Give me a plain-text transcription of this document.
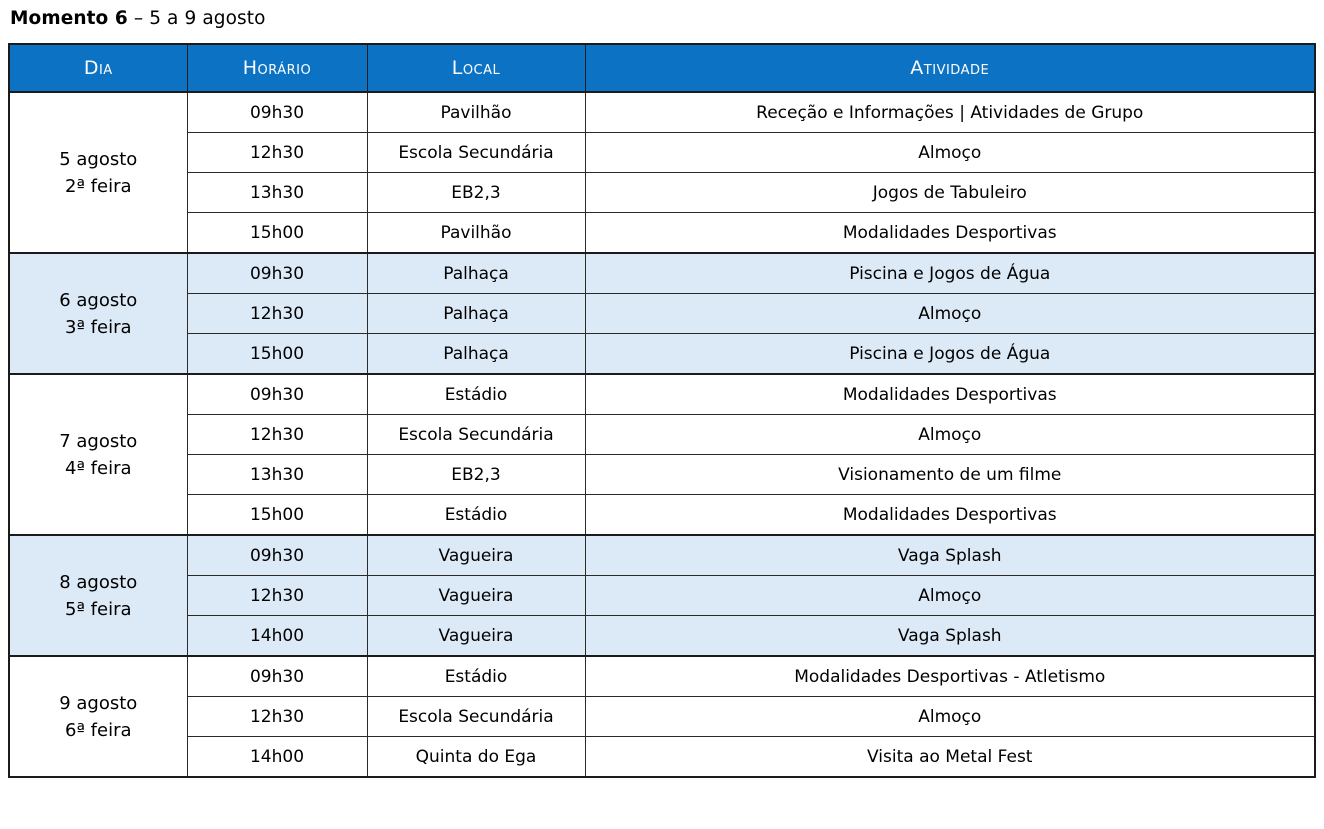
Momento 6 – 5 a 9 agosto
Dia	Horário	Local	Atividade

5 agosto
2ª feira	09h30	Pavilhão	Receção e Informações | Atividades de Grupo
	12h30	Escola Secundária	Almoço
	13h30	EB2,3	Jogos de Tabuleiro
	15h00	Pavilhão	Modalidades Desportivas

6 agosto
3ª feira	09h30	Palhaça	Piscina e Jogos de Água
	12h30	Palhaça	Almoço
	15h00	Palhaça	Piscina e Jogos de Água

7 agosto
4ª feira	09h30	Estádio	Modalidades Desportivas
	12h30	Escola Secundária	Almoço
	13h30	EB2,3	Visionamento de um filme
	15h00	Estádio	Modalidades Desportivas

8 agosto
5ª feira	09h30	Vagueira	Vaga Splash
	12h30	Vagueira	Almoço
	14h00	Vagueira	Vaga Splash

9 agosto
6ª feira	09h30	Estádio	Modalidades Desportivas - Atletismo
	12h30	Escola Secundária	Almoço
	14h00	Quinta do Ega	Visita ao Metal Fest
